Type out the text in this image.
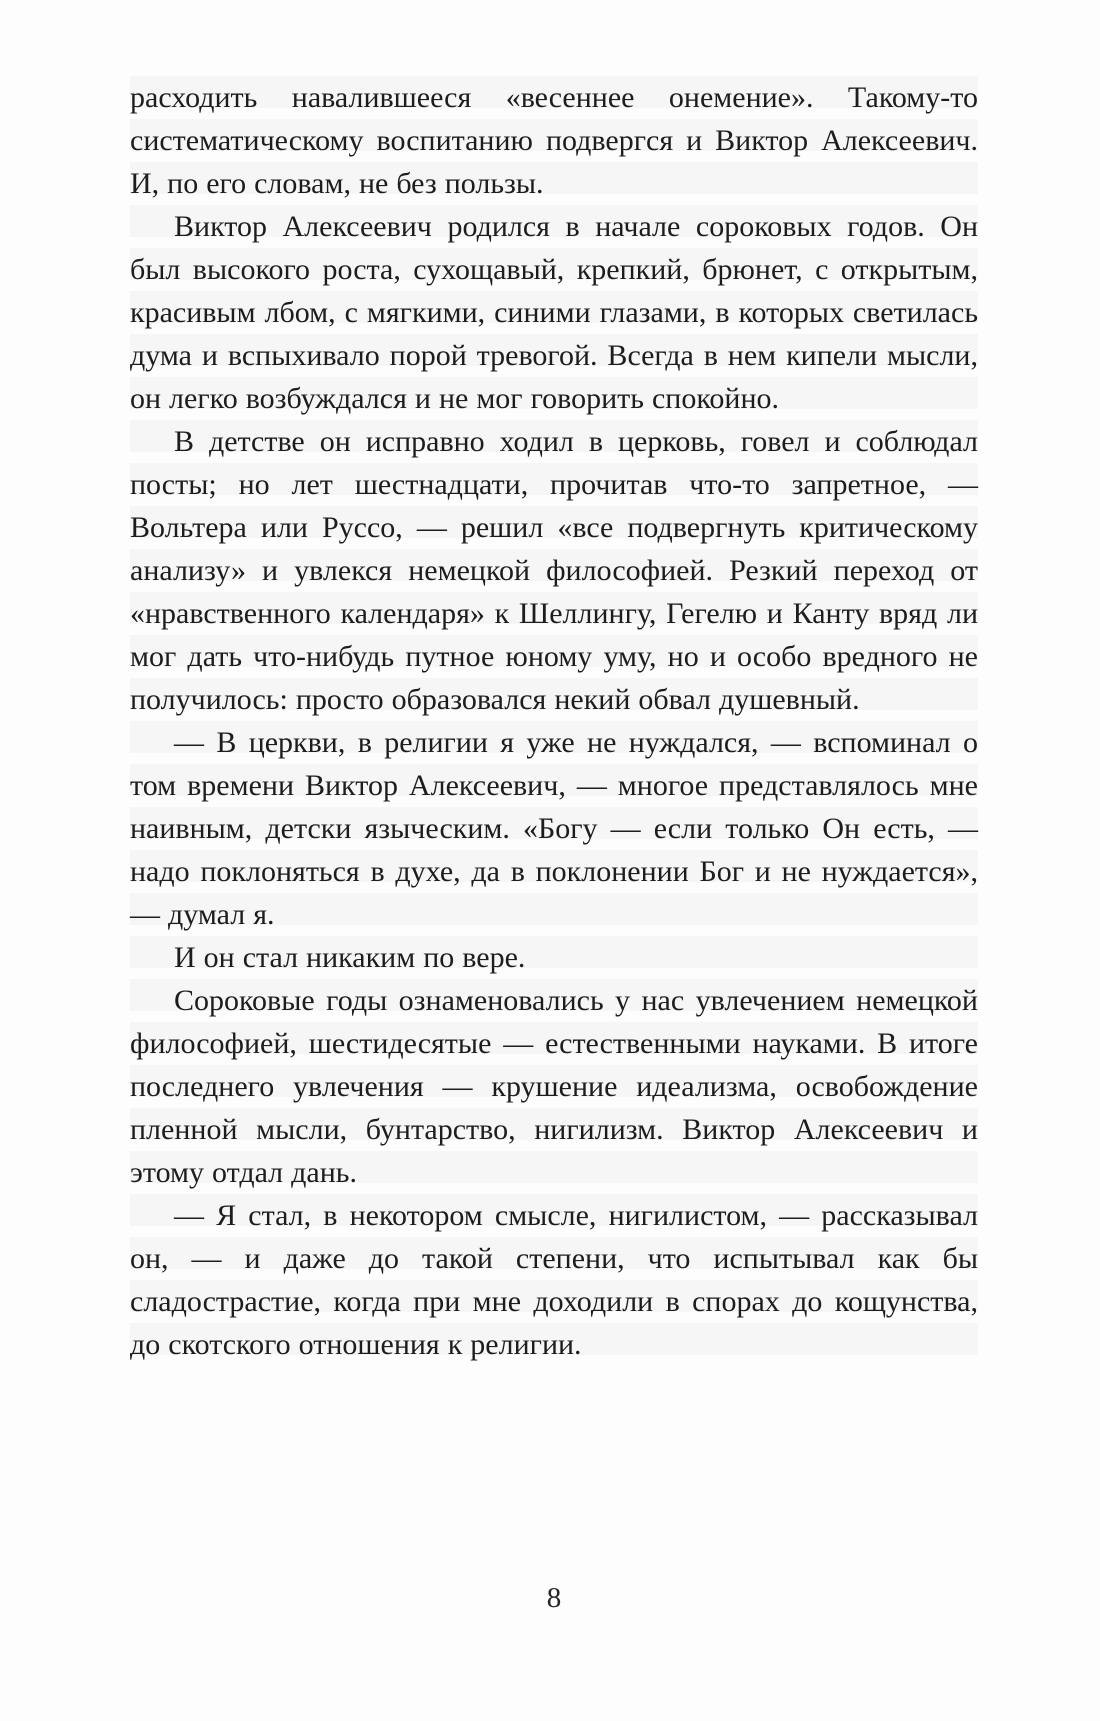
расходить навалившееся «весеннее онемение». Такому-то систематическому воспитанию подвергся и Виктор Алексеевич. И, по его словам, не без пользы.

Виктор Алексеевич родился в начале сороковых годов. Он был высокого роста, сухощавый, крепкий, брюнет, с открытым, красивым лбом, с мягкими, синими глазами, в которых светилась дума и вспыхивало порой тревогой. Всегда в нем кипели мысли, он легко возбуждался и не мог говорить спокойно.

В детстве он исправно ходил в церковь, говел и соблюдал посты; но лет шестнадцати, прочитав что-то запретное, — Вольтера или Руссо, — решил «все подвергнуть критическому анализу» и увлекся немецкой философией. Резкий переход от «нравственного календаря» к Шеллингу, Гегелю и Канту вряд ли мог дать что-нибудь путное юному уму, но и особо вредного не получилось: просто образовался некий обвал душевный.

— В церкви, в религии я уже не нуждался, — вспоминал о том времени Виктор Алексеевич, — многое представлялось мне наивным, детски языческим. «Богу — если только Он есть, — надо поклоняться в духе, да в поклонении Бог и не нуждается», — думал я.

И он стал никаким по вере.

Сороковые годы ознаменовались у нас увлечением немецкой философией, шестидесятые — естественными науками. В итоге последнего увлечения — крушение идеализма, освобождение пленной мысли, бунтарство, нигилизм. Виктор Алексеевич и этому отдал дань.

— Я стал, в некотором смысле, нигилистом, — рассказывал он, — и даже до такой степени, что испытывал как бы сладострастие, когда при мне доходили в спорах до кощунства, до скотского отношения к религии.

8
